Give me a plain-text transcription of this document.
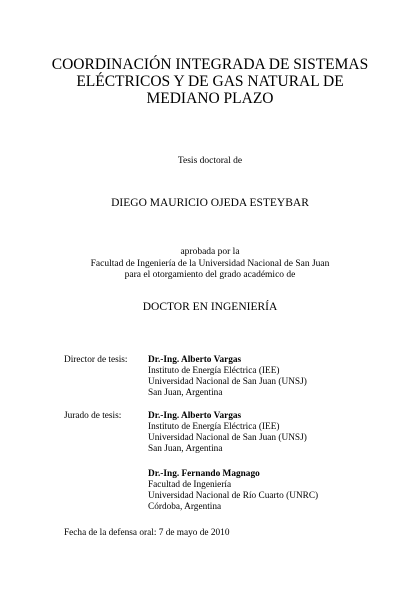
COORDINACIÓN INTEGRADA DE SISTEMAS
ELÉCTRICOS Y DE GAS NATURAL DE
MEDIANO PLAZO
Tesis doctoral de
DIEGO MAURICIO OJEDA ESTEYBAR
aprobada por la
Facultad de Ingeniería de la Universidad Nacional de San Juan
para el otorgamiento del grado académico de
DOCTOR EN INGENIERÍA
Director de tesis: Dr.-Ing. Alberto Vargas
Instituto de Energía Eléctrica (IEE)
Universidad Nacional de San Juan (UNSJ)
San Juan, Argentina
Jurado de tesis:	Dr.-Ing. Alberto Vargas
Instituto de Energía Eléctrica (IEE)
Universidad Nacional de San Juan (UNSJ)
San Juan, Argentina
Dr.-Ing. Fernando Magnago
Facultad de Ingeniería
Universidad Nacional de Río Cuarto (UNRC)
Córdoba, Argentina
Fecha de la defensa oral: 7 de mayo de 2010
